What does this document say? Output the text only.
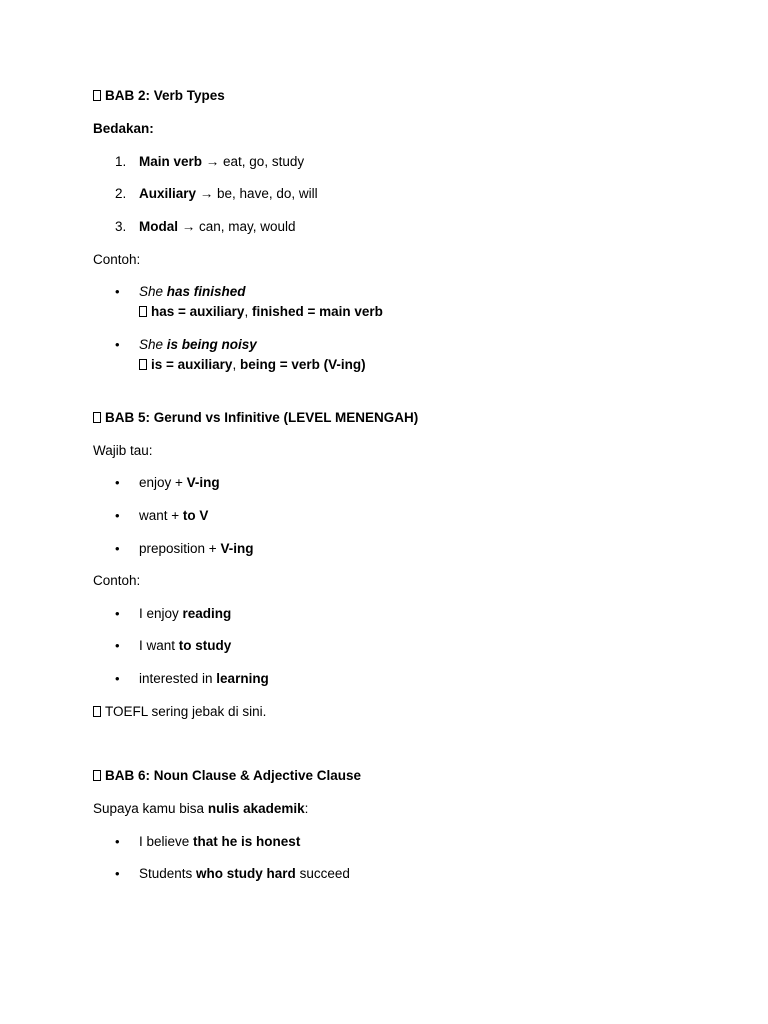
BAB 2: Verb Types
Bedakan:
1. Main verb → eat, go, study
2. Auxiliary → be, have, do, will
3. Modal → can, may, would
Contoh:
•
She has finished
has = auxiliary, finished = main verb
•
She is being noisy
is = auxiliary, being = verb (V-ing)
BAB 5: Gerund vs Infinitive (LEVEL MENENGAH)
Wajib tau:
•
enjoy + V-ing
•
want + to V
•
preposition + V-ing
Contoh:
•
I enjoy reading
•
I want to study
•
interested in learning
TOEFL sering jebak di sini.
BAB 6: Noun Clause & Adjective Clause
Supaya kamu bisa nulis akademik:
•
I believe that he is honest
•
Students who study hard succeed
